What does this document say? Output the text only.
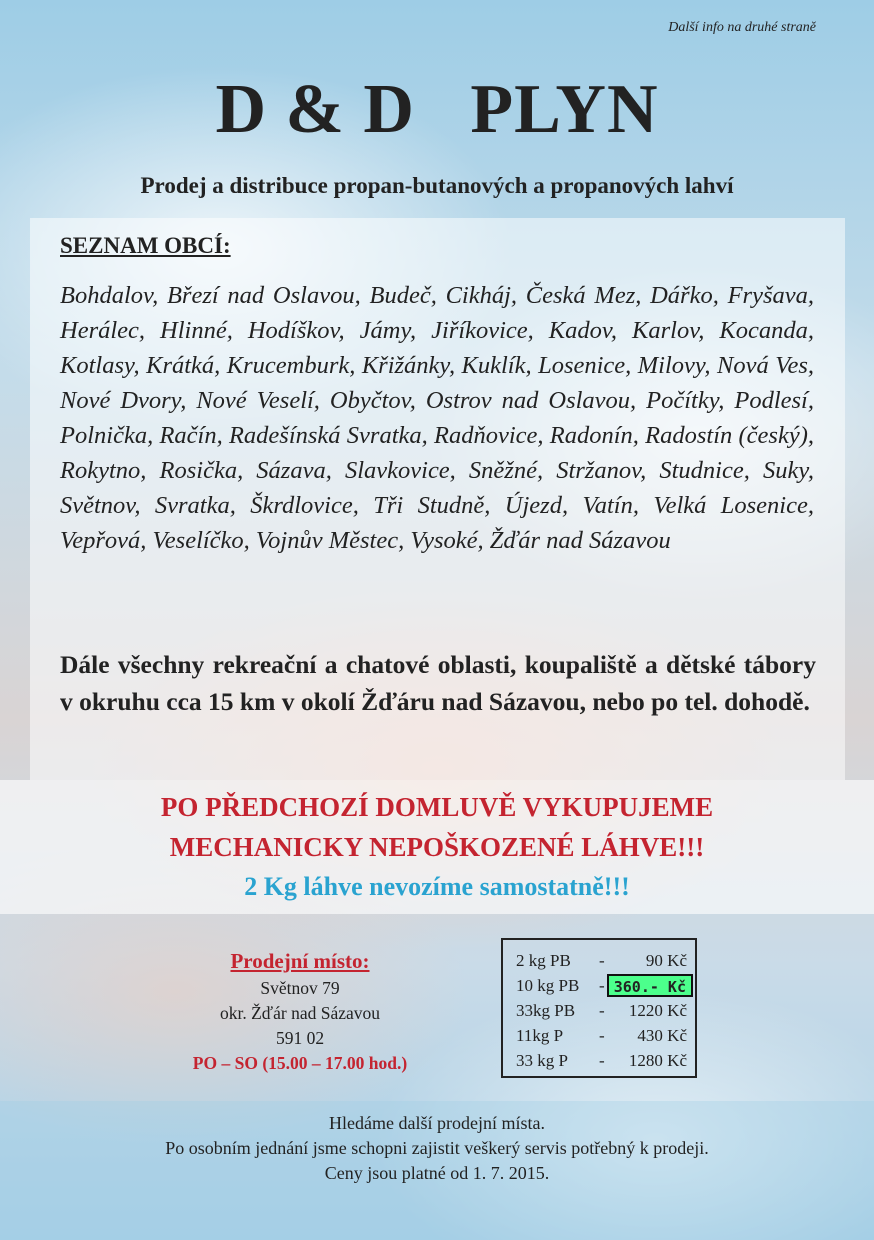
Další info na druhé straně
D & D   PLYN
Prodej a distribuce propan-butanových a propanových lahví
SEZNAM OBCÍ:
Bohdalov, Březí nad Oslavou, Budeč, Cikháj, Česká Mez, Dářko, Fryšava, Herálec, Hlinné, Hodíškov, Jámy, Jiříkovice, Kadov, Karlov, Kocanda, Kotlasy, Krátká, Krucemburk, Křižánky, Kuklík, Losenice, Milovy, Nová Ves, Nové Dvory, Nové Veselí, Obyčtov, Ostrov nad Oslavou, Počítky, Podlesí, Polnička, Račín, Radešínská Svratka, Radňovice, Radonín, Radostín (český), Rokytno, Rosička, Sázava, Slavkovice, Sněžné, Stržanov, Studnice, Suky, Světnov, Svratka, Škrdlovice, Tři Studně, Újezd, Vatín, Velká Losenice, Vepřová, Veselíčko, Vojnův Městec, Vysoké, Žďár nad Sázavou
Dále všechny rekreační a chatové oblasti, koupaliště a dětské tábory v okruhu cca 15 km v okolí Žďáru nad Sázavou, nebo po tel. dohodě.
PO PŘEDCHOZÍ DOMLUVĚ VYKUPUJEME
MECHANICKY NEPOŠKOZENÉ LÁHVE!!!
2 Kg láhve nevozíme samostatně!!!
Prodejní místo:
Světnov 79
okr. Žďár nad Sázavou
591 02
PO – SO (15.00 – 17.00 hod.)
2 kg PB - 90 Kč
10 kg PB - 360.- Kč
33kg PB - 1220 Kč
11kg P - 430 Kč
33 kg P - 1280 Kč
Hledáme další prodejní místa.
Po osobním jednání jsme schopni zajistit veškerý servis potřebný k prodeji.
Ceny jsou platné od 1. 7. 2015.
